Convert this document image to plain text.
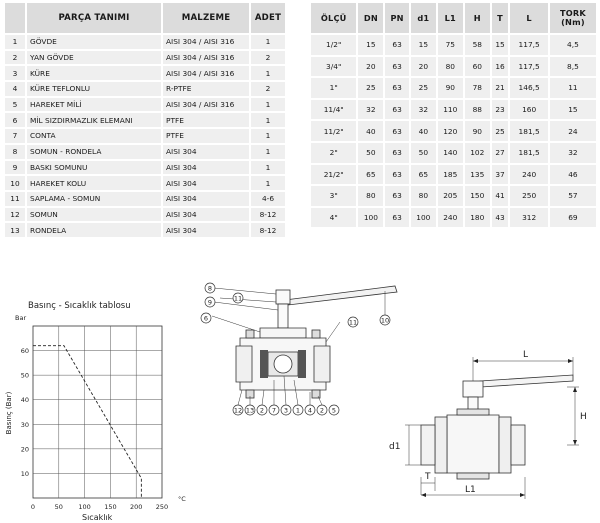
	PARÇA TANIMI	MALZEME	ADET
1	GÖVDE	AISI 304 / AISI 316	1
2	YAN GÖVDE	AISI 304 / AISI 316	2
3	KÜRE	AISI 304 / AISI 316	1
4	KÜRE TEFLONLU	R-PTFE	2
5	HAREKET MİLİ	AISI 304 / AISI 316	1
6	MİL SIZDIRMAZLIK ELEMANI	PTFE	1
7	CONTA	PTFE	1
8	SOMUN - RONDELA	AISI 304	1
9	BASKI SOMUNU	AISI 304	1
10	HAREKET KOLU	AISI 304	1
11	SAPLAMA - SOMUN	AISI 304	4-6
12	SOMUN	AISI 304	8-12
13	RONDELA	AISI 304	8-12
ÖLÇÜ	DN	PN	d1	L1	H	T	L	TORK
(Nm)

1/2"	15	63	15	75	58	15	117,5	4,5
3/4"	20	63	20	80	60	16	117,5	8,5
1"	25	63	25	90	78	21	146,5	11
11/4"	32	63	32	110	88	23	160	15
11/2"	40	63	40	120	90	25	181,5	24
2"	50	63	50	140	102	27	181,5	32
21/2"	65	63	65	185	135	37	240	46
3"	80	63	80	205	150	41	250	57
4"	100	63	100	240	180	43	312	69
Basınç - Sıcaklık tablosu
Bar
°C
Sıcaklık
Basınç (Bar)
0	50 100 150 200 250
10
20
30
40
50
60
8
9	11
6	10
11
12 13 2 7 3 1 4 2 5
L
H
d1
T
L1
